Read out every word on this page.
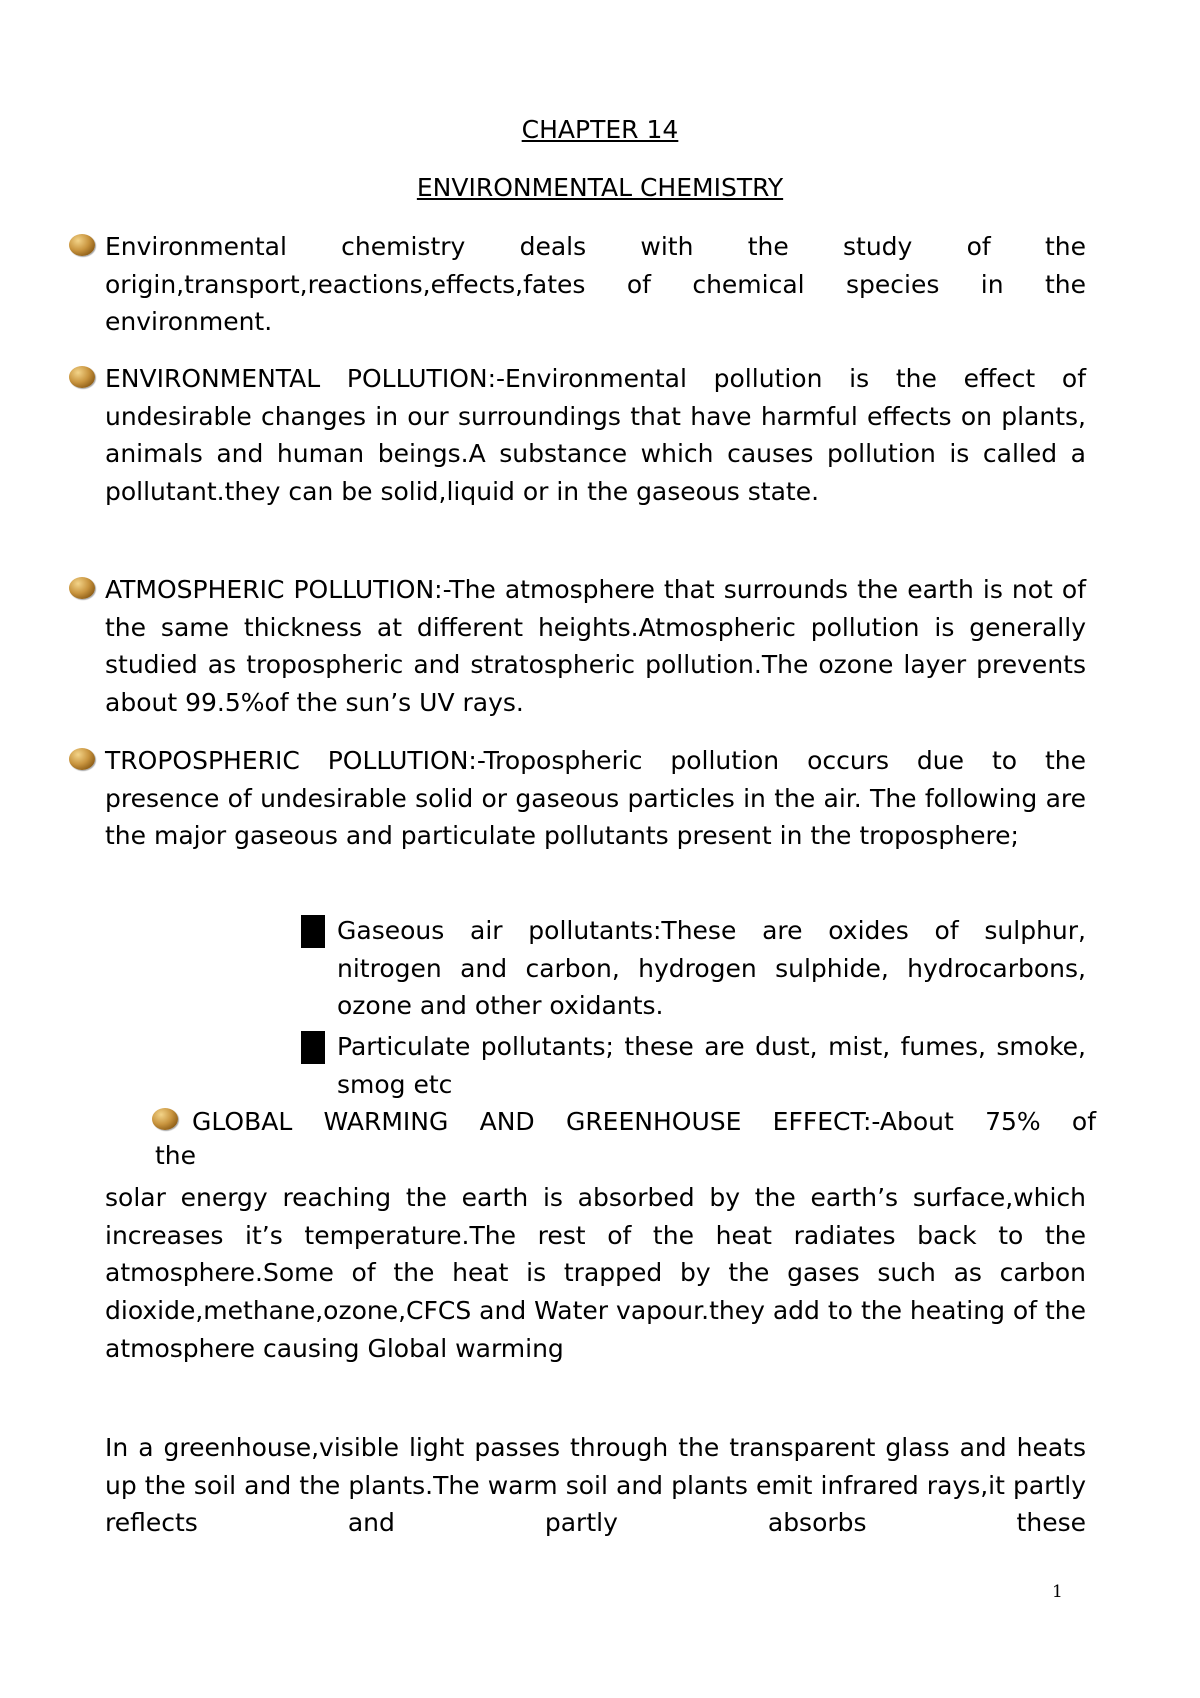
CHAPTER 14
ENVIRONMENTAL CHEMISTRY
Environmental chemistry deals with the study of the origin,transport,reactions,effects,fates of chemical species in the environment.
ENVIRONMENTAL POLLUTION:-Environmental pollution is the effect of undesirable changes in our surroundings that have harmful effects on plants, animals and human beings.A substance which causes pollution is called a pollutant.they can be solid,liquid or in the gaseous state.
ATMOSPHERIC POLLUTION:-The atmosphere that surrounds the earth is not of the same thickness at different heights.Atmospheric pollution is generally studied as tropospheric and stratospheric pollution.The ozone layer prevents about 99.5%of the sun’s UV rays.
TROPOSPHERIC POLLUTION:-Tropospheric pollution occurs due to the presence of undesirable solid or gaseous particles in the air. The following are the major gaseous and particulate pollutants present in the troposphere;
Gaseous air pollutants:These are oxides of sulphur, nitrogen and carbon, hydrogen sulphide, hydrocarbons, ozone and other oxidants.
Particulate pollutants; these are dust, mist, fumes, smoke, smog etc
GLOBAL WARMING AND GREENHOUSE EFFECT:-About 75% of
the
solar energy reaching the earth is absorbed by the earth’s surface,which increases it’s temperature.The rest of the heat radiates back to the atmosphere.Some of the heat is trapped by the gases such as carbon dioxide,methane,ozone,CFCS and Water vapour.they add to the heating of the atmosphere causing Global warming
In a greenhouse,visible light passes through the transparent glass and heats up the soil and the plants.The warm soil and plants emit infrared rays,it partly reflects and partly absorbs these
1
